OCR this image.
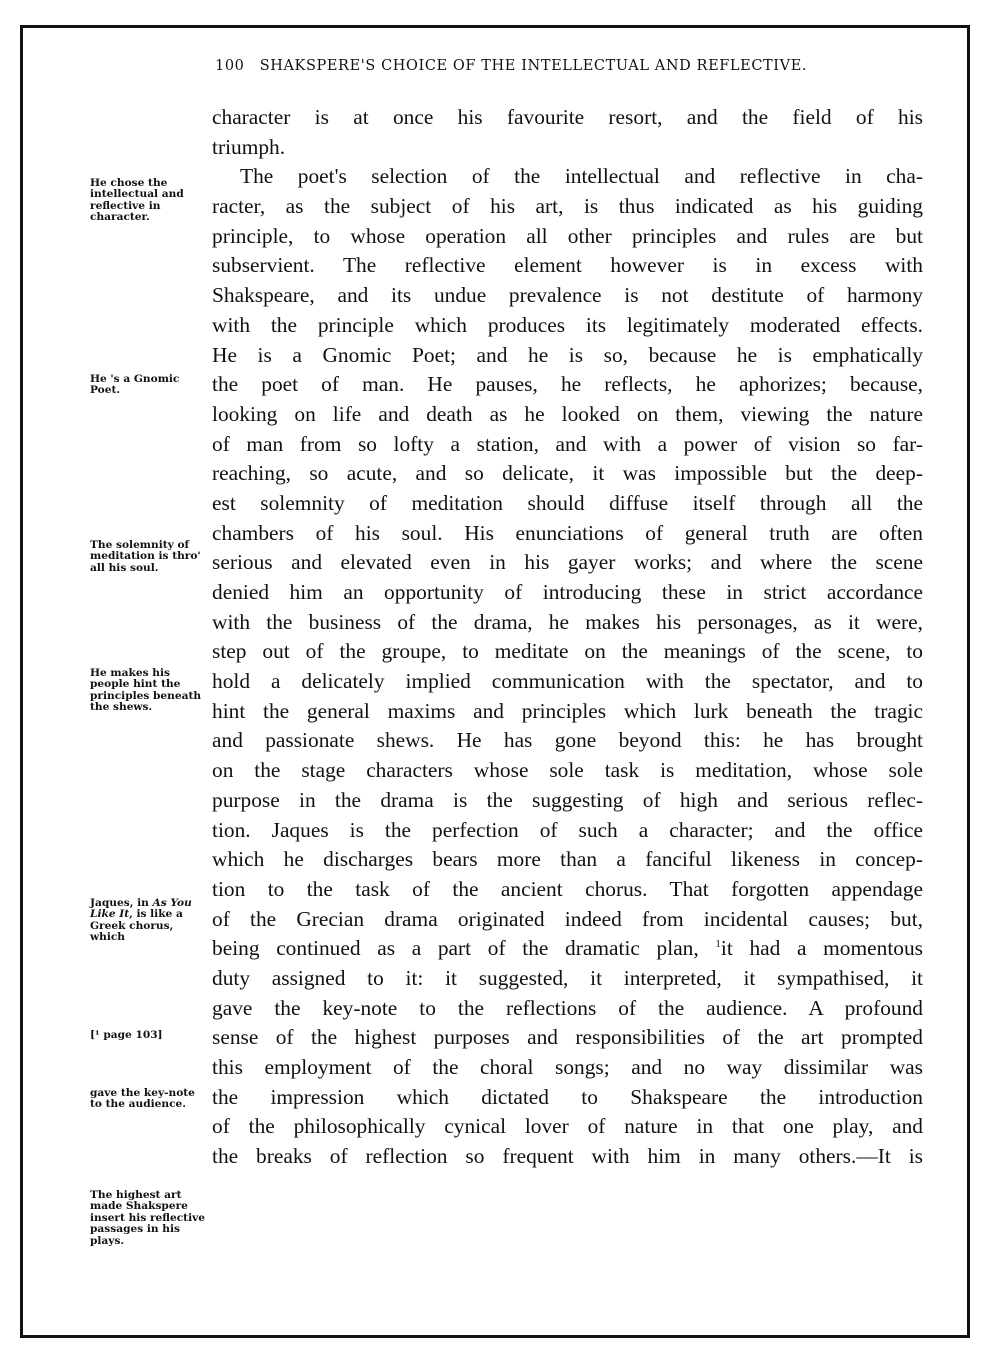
100 SHAKSPERE'S CHOICE OF THE INTELLECTUAL AND REFLECTIVE.
character is at once his favourite resort, and the field of his
triumph.
The poet's selection of the intellectual and reflective in cha-
racter, as the subject of his art, is thus indicated as his guiding
principle, to whose operation all other principles and rules are but
subservient. The reflective element however is in excess with
Shakspeare, and its undue prevalence is not destitute of harmony
with the principle which produces its legitimately moderated effects.
He is a Gnomic Poet; and he is so, because he is emphatically
the poet of man. He pauses, he reflects, he aphorizes; because,
looking on life and death as he looked on them, viewing the nature
of man from so lofty a station, and with a power of vision so far-
reaching, so acute, and so delicate, it was impossible but the deep-
est solemnity of meditation should diffuse itself through all the
chambers of his soul. His enunciations of general truth are often
serious and elevated even in his gayer works; and where the scene
denied him an opportunity of introducing these in strict accordance
with the business of the drama, he makes his personages, as it were,
step out of the groupe, to meditate on the meanings of the scene, to
hold a delicately implied communication with the spectator, and to
hint the general maxims and principles which lurk beneath the tragic
and passionate shews. He has gone beyond this: he has brought
on the stage characters whose sole task is meditation, whose sole
purpose in the drama is the suggesting of high and serious reflec-
tion. Jaques is the perfection of such a character; and the office
which he discharges bears more than a fanciful likeness in concep-
tion to the task of the ancient chorus. That forgotten appendage
of the Grecian drama originated indeed from incidental causes; but,
being continued as a part of the dramatic plan, $^1$it had a momentous
duty assigned to it: it suggested, it interpreted, it sympathised, it
gave the key-note to the reflections of the audience. A profound
sense of the highest purposes and responsibilities of the art prompted
this employment of the choral songs; and no way dissimilar was
the impression which dictated to Shakspeare the introduction
of the philosophically cynical lover of nature in that one play, and
the breaks of reflection so frequent with him in many others.—It is
He chose the intellectual and reflective in character.
He 's a Gnomic Poet.
The solemnity of meditation is thro' all his soul.
He makes his people hint the principles beneath the shews.
Jaques, in As You Like It, is like a Greek chorus, which
[¹ page 103]
gave the key-note to the audience.
The highest art made Shakspere insert his reflective passages in his plays.
